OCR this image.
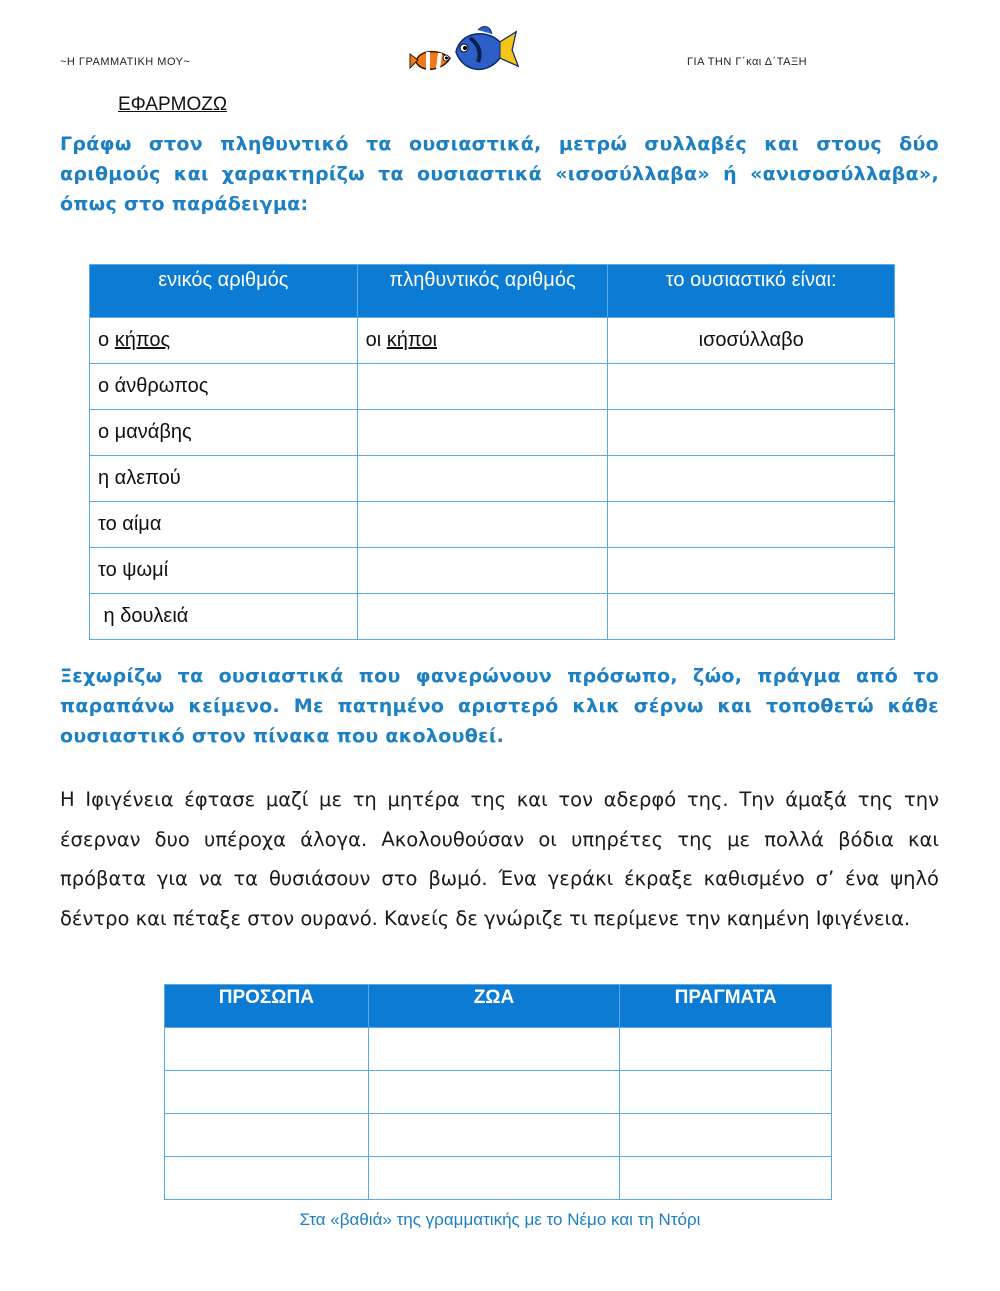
~Η ΓΡΑΜΜΑΤΙΚΗ ΜΟΥ~	ΓΙΑ ΤΗΝ Γ΄και Δ΄ΤΑΞΗ
ΕΦΑΡΜΟΖΩ
Γράφω στον πληθυντικό τα ουσιαστικά, μετρώ συλλαβές και στους δύο αριθμούς και χαρακτηρίζω τα ουσιαστικά «ισοσύλλαβα» ή «ανισοσύλλαβα», όπως στο παράδειγμα:
ενικός αριθμός	πληθυντικός αριθμός	το ουσιαστικό είναι:
ο κήπος	οι κήποι	ισοσύλλαβο
ο άνθρωπος		
ο μανάβης		
η αλεπού		
το αίμα		
το ψωμί		
η δουλειά		
Ξεχωρίζω τα ουσιαστικά που φανερώνουν πρόσωπο, ζώο, πράγμα από το παραπάνω κείμενο. Με πατημένο αριστερό κλικ σέρνω και τοποθετώ κάθε ουσιαστικό στον πίνακα που ακολουθεί.
Η Ιφιγένεια έφτασε μαζί με τη μητέρα της και τον αδερφό της. Την άμαξά της την έσερναν δυο υπέροχα άλογα. Ακολουθούσαν οι υπηρέτες της με πολλά βόδια και πρόβατα για να τα θυσιάσουν στο βωμό. Ένα γεράκι έκραξε καθισμένο σ’ ένα ψηλό δέντρο και πέταξε στον ουρανό. Κανείς δε γνώριζε τι περίμενε την καημένη Ιφιγένεια.
ΠΡΟΣΩΠΑ	ΖΩΑ	ΠΡΑΓΜΑΤΑ

Στα «βαθιά» της γραμματικής με το Νέμο και τη Ντόρι
